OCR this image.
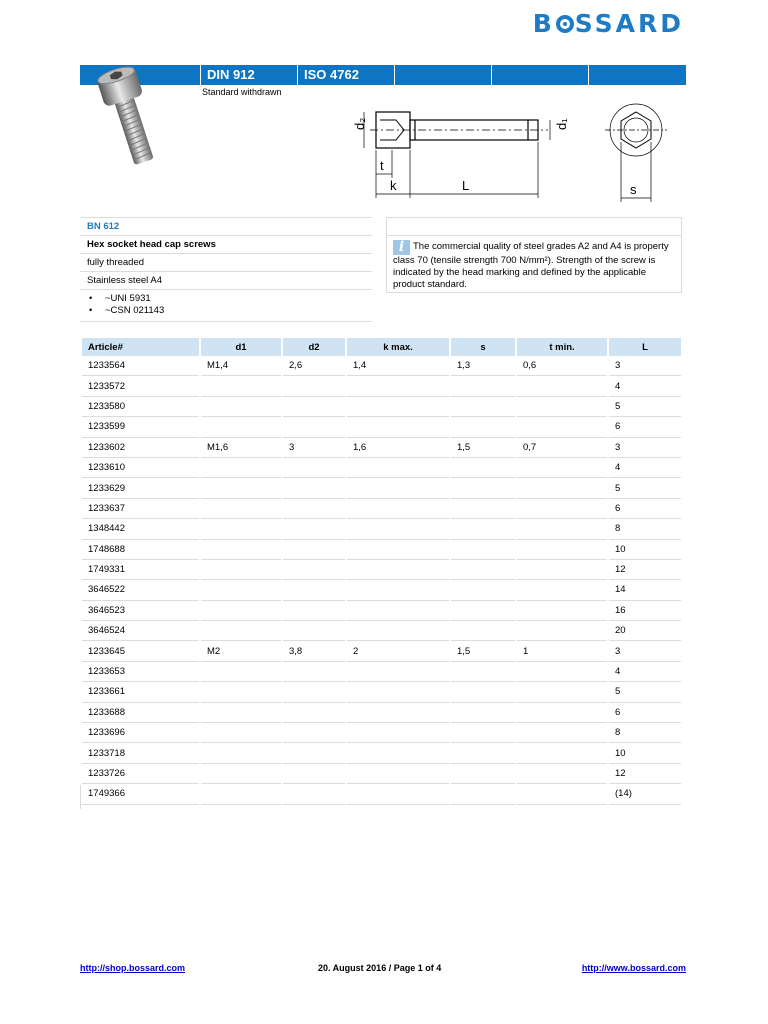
B SSARD
DIN 912	ISO 4762
Standard withdrawn
d₂	d₁
t
k	L	s
BN 612
Hex socket head cap screws
fully threaded
Stainless steel A4
• ~UNI 5931
• ~CSN 021143
i The commercial quality of steel grades A2 and A4 is property class 70 (tensile strength 700 N/mm²). Strength of the screw is indicated by the head marking and defined by the applicable product standard.
Article#	d1	d2	k max.	s	t min.	L
1233564	M1,4	2,6	1,4	1,3	0,6	3
1233572						4
1233580						5
1233599						6
1233602	M1,6	3	1,6	1,5	0,7	3
1233610						4
1233629						5
1233637						6
1348442						8
1748688						10
1749331						12
3646522						14
3646523						16
3646524						20
1233645	M2	3,8	2	1,5	1	3
1233653						4
1233661						5
1233688						6
1233696						8
1233718						10
1233726						12
1749366						(14)
http://shop.bossard.com	20. August 2016 / Page 1 of 4	http://www.bossard.com
